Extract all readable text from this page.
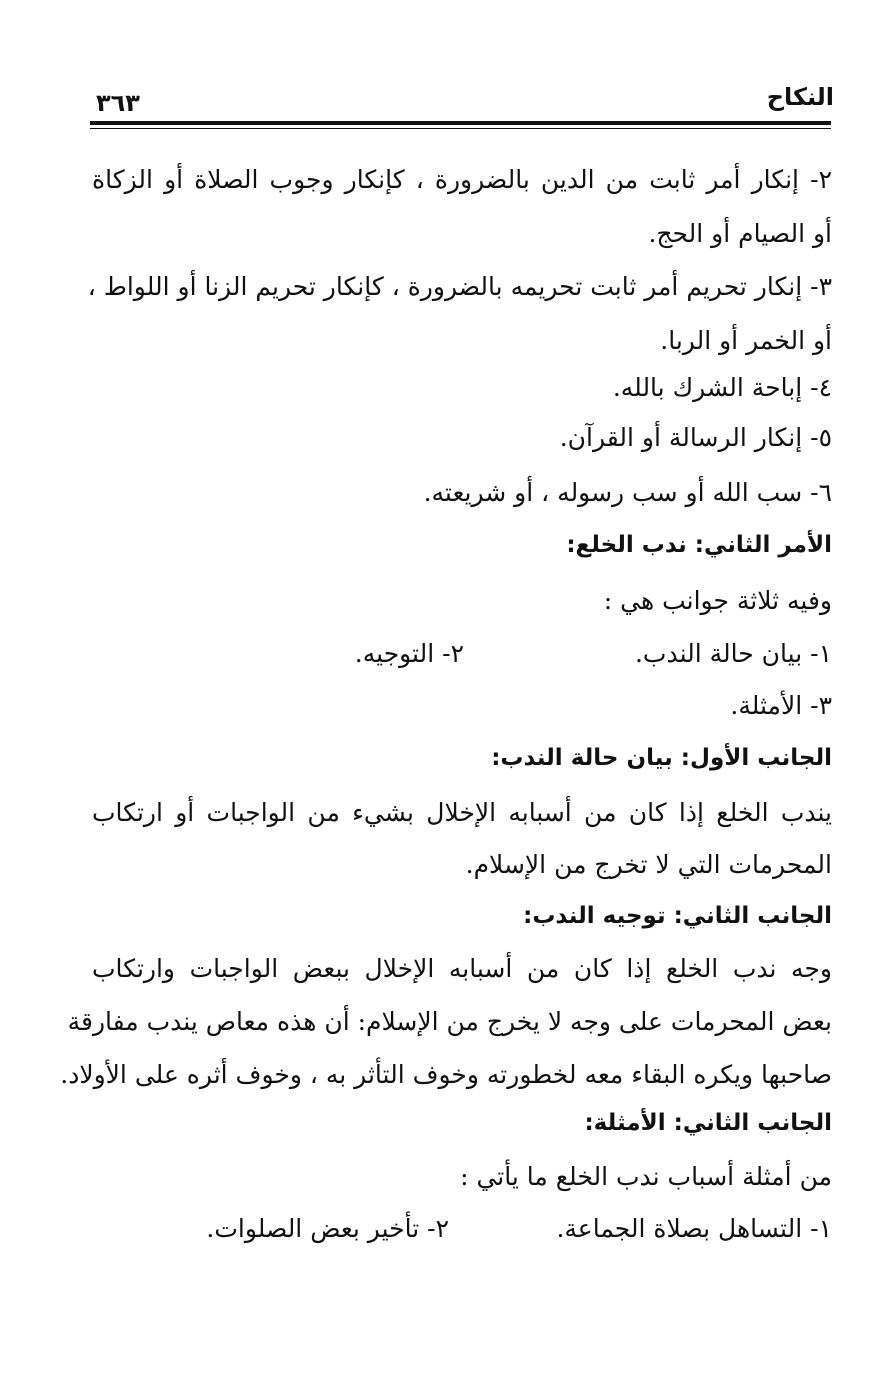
النكاح
٣٦٣
٢- إنكار أمر ثابت من الدين بالضرورة ، كإنكار وجوب الصلاة أو الزكاة
أو الصيام أو الحج.
٣- إنكار تحريم أمر ثابت تحريمه بالضرورة ، كإنكار تحريم الزنا أو اللواط ،
أو الخمر أو الربا.
٤- إباحة الشرك بالله.
٥- إنكار الرسالة أو القرآن.
٦- سب الله أو سب رسوله ، أو شريعته.
الأمر الثاني: ندب الخلع:
وفيه ثلاثة جوانب هي :
١- بيان حالة الندب.
٢- التوجيه.
٣- الأمثلة.
الجانب الأول: بيان حالة الندب:
يندب الخلع إذا كان من أسبابه الإخلال بشيء من الواجبات أو ارتكاب
المحرمات التي لا تخرج من الإسلام.
الجانب الثاني: توجيه الندب:
وجه ندب الخلع إذا كان من أسبابه الإخلال ببعض الواجبات وارتكاب
بعض المحرمات على وجه لا يخرج من الإسلام: أن هذه معاص يندب مفارقة
صاحبها ويكره البقاء معه لخطورته وخوف التأثر به ، وخوف أثره على الأولاد.
الجانب الثاني: الأمثلة:
من أمثلة أسباب ندب الخلع ما يأتي :
١- التساهل بصلاة الجماعة.
٢- تأخير بعض الصلوات.
